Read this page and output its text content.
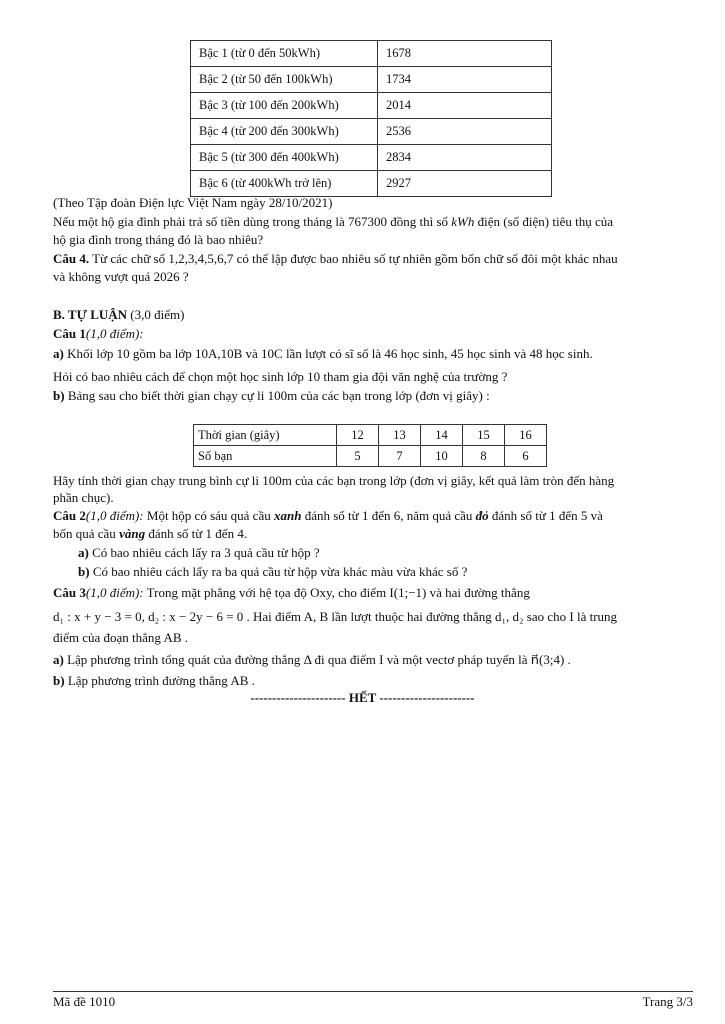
Bậc 1 (từ 0 đến 50kWh)	1678
Bậc 2 (từ 50 đến 100kWh)	1734
Bậc 3 (từ 100 đến 200kWh)	2014
Bậc 4 (từ 200 đến 300kWh)	2536
Bậc 5 (từ 300 đến 400kWh)	2834
Bậc 6 (từ 400kWh trở lên)	2927
(Theo Tập đoàn Điện lực Việt Nam ngày 28/10/2021)
Nếu một hộ gia đình phải trả số tiền dùng trong tháng là 767300 đồng thì số kWh điện (số điện) tiêu thụ của
hộ gia đình trong tháng đó là bao nhiêu?
Câu 4. Từ các chữ số 1,2,3,4,5,6,7 có thể lập được bao nhiêu số tự nhiên gồm bốn chữ số đôi một khác nhau
và không vượt quá 2026 ?
B. TỰ LUẬN (3,0 điểm)
Câu 1(1,0 điểm):
a) Khối lớp 10 gồm ba lớp 10A,10B và 10C lần lượt có sĩ số là 46 học sinh, 45 học sinh và 48 học sinh.
Hỏi có bao nhiêu cách để chọn một học sinh lớp 10 tham gia đội văn nghệ của trường ?
b) Bảng sau cho biết thời gian chạy cự li 100m của các bạn trong lớp (đơn vị giây) :
Thời gian (giây)	12	13	14	15	16
Số bạn	5	7	10	8	6
Hãy tính thời gian chạy trung bình cự li 100m của các bạn trong lớp (đơn vị giây, kết quả làm tròn đến hàng
phần chục).
Câu 2(1,0 điểm): Một hộp có sáu quả cầu xanh đánh số từ 1 đến 6, năm quả cầu đỏ đánh số từ 1 đến 5 và
bốn quả cầu vàng đánh số từ 1 đến 4.
a) Có bao nhiêu cách lấy ra 3 quả cầu từ hộp ?
b) Có bao nhiêu cách lấy ra ba quả cầu từ hộp vừa khác màu vừa khác số ?
Câu 3(1,0 điểm): Trong mặt phẳng với hệ tọa độ Oxy, cho điểm I(1;−1) và hai đường thẳng
d₁ : x + y − 3 = 0, d₂ : x − 2y − 6 = 0 . Hai điểm A, B lần lượt thuộc hai đường thẳng d₁, d₂ sao cho I là trung
điểm của đoạn thẳng AB .
a) Lập phương trình tổng quát của đường thẳng Δ đi qua điểm I và một vectơ pháp tuyến là n⃗(3;4) .
b) Lập phương trình đường thẳng AB .
---------------------- HẾT ----------------------
Mã đề 1010	Trang 3/3
